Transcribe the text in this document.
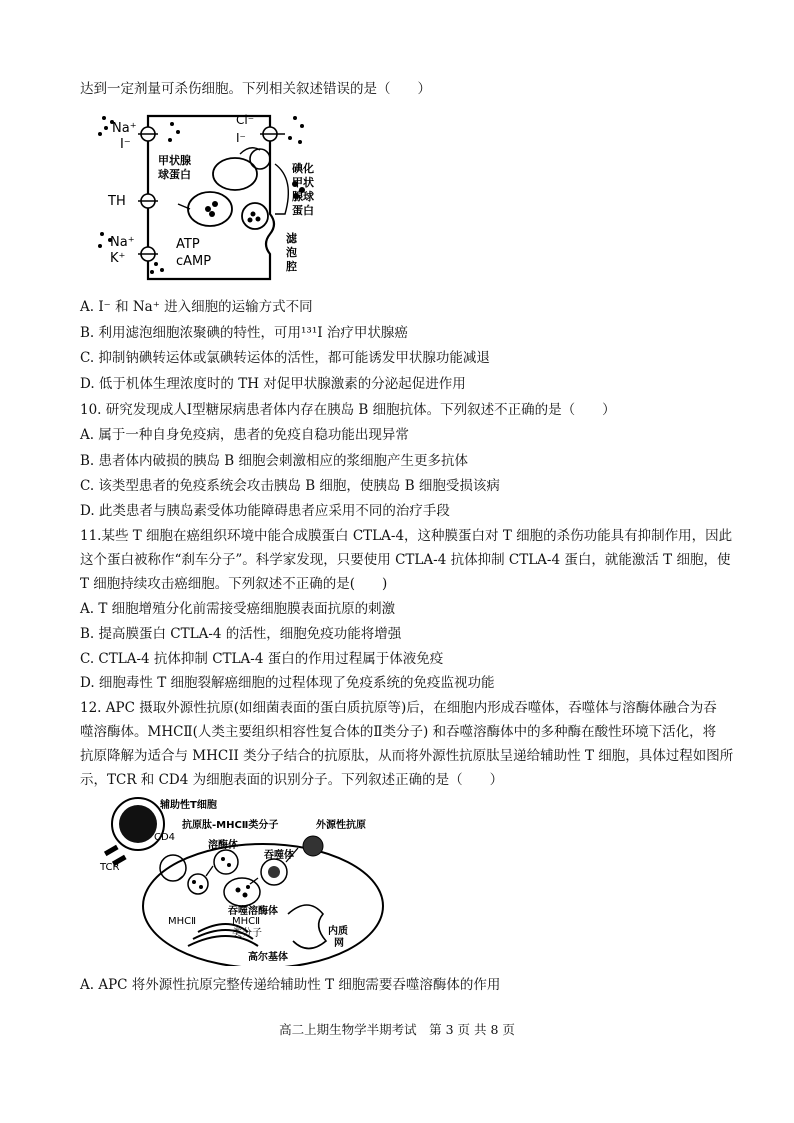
达到一定剂量可杀伤细胞。下列相关叙述错误的是（　　）
Na⁺
I⁻
Cl⁻
I⁻
甲状腺
球蛋白	碘化
甲状
腺球
蛋白
TH
Na⁺
K⁺
ATP
cAMP
滤
泡
腔
A. I⁻ 和 Na⁺ 进入细胞的运输方式不同
B. 利用滤泡细胞浓聚碘的特性，可用¹³¹I 治疗甲状腺癌
C. 抑制钠碘转运体或氯碘转运体的活性，都可能诱发甲状腺功能减退
D. 低于机体生理浓度时的 TH 对促甲状腺激素的分泌起促进作用
10. 研究发现成人Ⅰ型糖尿病患者体内存在胰岛 B 细胞抗体。下列叙述不正确的是（　　）
A. 属于一种自身免疫病，患者的免疫自稳功能出现异常
B. 患者体内破损的胰岛 B 细胞会刺激相应的浆细胞产生更多抗体
C. 该类型患者的免疫系统会攻击胰岛 B 细胞，使胰岛 B 细胞受损该病
D. 此类患者与胰岛素受体功能障碍患者应采用不同的治疗手段
11.某些 T 细胞在癌组织环境中能合成膜蛋白 CTLA-4，这种膜蛋白对 T 细胞的杀伤功能具有抑制作用，因此
这个蛋白被称作“刹车分子”。科学家发现，只要使用 CTLA-4 抗体抑制 CTLA-4 蛋白，就能激活 T 细胞，使
T 细胞持续攻击癌细胞。下列叙述不正确的是(　　)
A. T 细胞增殖分化前需接受癌细胞膜表面抗原的刺激
B. 提高膜蛋白 CTLA-4 的活性，细胞免疫功能将增强
C. CTLA-4 抗体抑制 CTLA-4 蛋白的作用过程属于体液免疫
D. 细胞毒性 T 细胞裂解癌细胞的过程体现了免疫系统的免疫监视功能
12. APC 摄取外源性抗原(如细菌表面的蛋白质抗原等)后，在细胞内形成吞噬体，吞噬体与溶酶体融合为吞
噬溶酶体。MHCⅡ(人类主要组织相容性复合体的Ⅱ类分子) 和吞噬溶酶体中的多种酶在酸性环境下活化，将
抗原降解为适合与 MHCII 类分子结合的抗原肽，从而将外源性抗原肽呈递给辅助性 T 细胞，具体过程如图所
示，TCR 和 CD4 为细胞表面的识别分子。下列叙述正确的是（　　）
辅助性T细胞
抗原肽-MHCⅡ类分子
CD4
TCR
外源性抗原
溶酶体
吞噬体
吞噬溶酶体
MHCⅡ	MHCⅡ
类分子	内质
网
高尔基体
A. APC 将外源性抗原完整传递给辅助性 T 细胞需要吞噬溶酶体的作用
高二上期生物学半期考试　第 3 页 共 8 页
